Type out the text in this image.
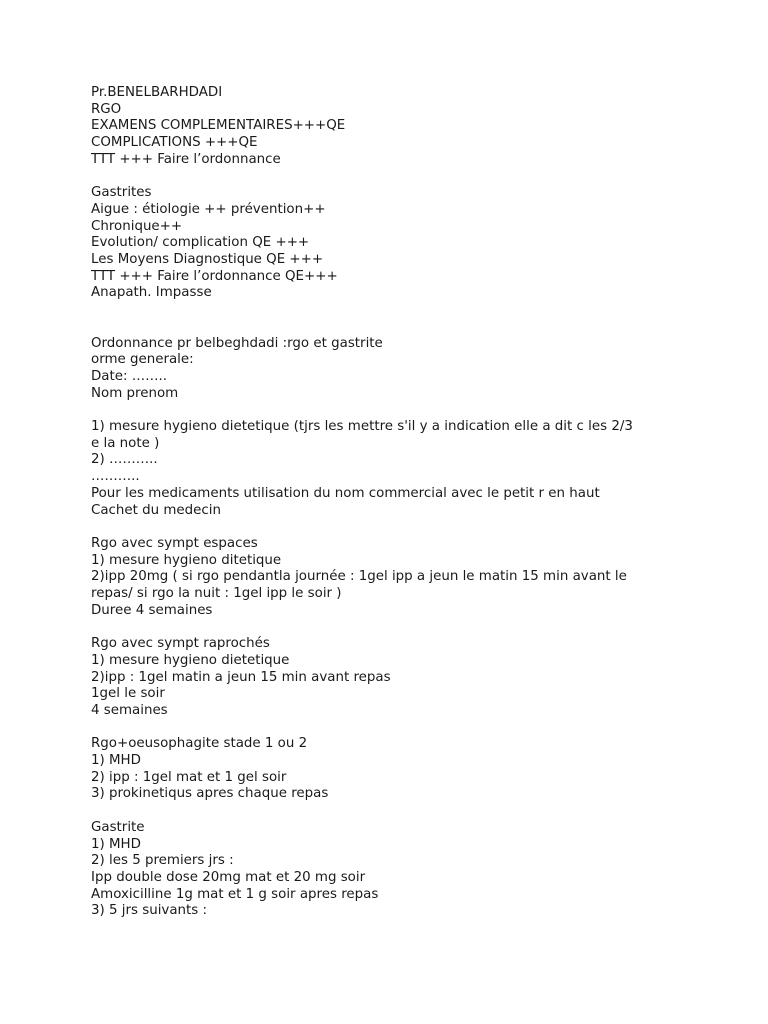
Pr.BENELBARHDADI
RGO
EXAMENS COMPLEMENTAIRES+++QE
COMPLICATIONS +++QE
TTT +++ Faire l’ordonnance
Gastrites
Aigue : étiologie ++ prévention++
Chronique++
Evolution/ complication QE +++
Les Moyens Diagnostique QE +++
TTT +++ Faire l’ordonnance QE+++
Anapath. Impasse
Ordonnance pr belbeghdadi :rgo et gastrite
orme generale:
Date: ……..
Nom prenom
1) mesure hygieno dietetique (tjrs les mettre s'il y a indication elle a dit c les 2/3
e la note )
2) ………..
………..
Pour les medicaments utilisation du nom commercial avec le petit r en haut
Cachet du medecin
Rgo avec sympt espaces
1) mesure hygieno ditetique
2)ipp 20mg ( si rgo pendantla journée : 1gel ipp a jeun le matin 15 min avant le
repas/ si rgo la nuit : 1gel ipp le soir )
Duree 4 semaines
Rgo avec sympt raprochés
1) mesure hygieno dietetique
2)ipp : 1gel matin a jeun 15 min avant repas
1gel le soir
4 semaines
Rgo+oeusophagite stade 1 ou 2
1) MHD
2) ipp : 1gel mat et 1 gel soir
3) prokinetiqus apres chaque repas
Gastrite
1) MHD
2) les 5 premiers jrs :
Ipp double dose 20mg mat et 20 mg soir
Amoxicilline 1g mat et 1 g soir apres repas
3) 5 jrs suivants :
